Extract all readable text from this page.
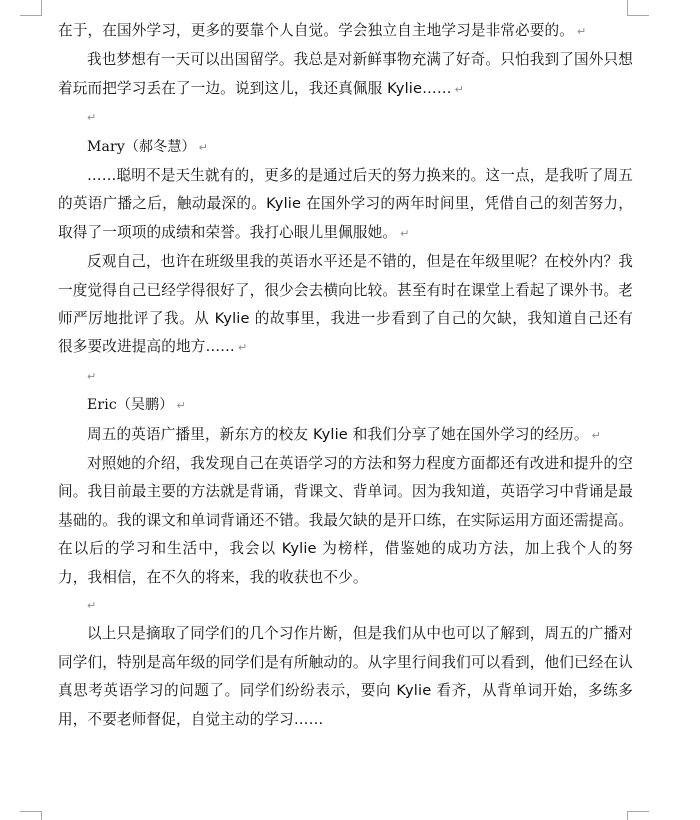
在于，在国外学习，更多的要靠个人自觉。学会独立自主地学习是非常必要的。 ↵

我也梦想有一天可以出国留学。我总是对新鲜事物充满了好奇。只怕我到了国外只想着玩而把学习丢在了一边。说到这儿，我还真佩服 Kylie…… ↵

↵

Mary（郝冬慧） ↵

……聪明不是天生就有的，更多的是通过后天的努力换来的。这一点，是我听了周五的英语广播之后，触动最深的。Kylie 在国外学习的两年时间里，凭借自己的刻苦努力，取得了一项项的成绩和荣誉。我打心眼儿里佩服她。 ↵

反观自己，也许在班级里我的英语水平还是不错的，但是在年级里呢？在校外内？我一度觉得自己已经学得很好了，很少会去横向比较。甚至有时在课堂上看起了课外书。老师严厉地批评了我。从 Kylie 的故事里，我进一步看到了自己的欠缺，我知道自己还有很多要改进提高的地方…… ↵

↵

Eric（吴鹏） ↵

周五的英语广播里，新东方的校友 Kylie 和我们分享了她在国外学习的经历。 ↵

对照她的介绍，我发现自己在英语学习的方法和努力程度方面都还有改进和提升的空间。我目前最主要的方法就是背诵，背课文、背单词。因为我知道，英语学习中背诵是最基础的。我的课文和单词背诵还不错。我最欠缺的是开口练，在实际运用方面还需提高。在以后的学习和生活中，我会以 Kylie 为榜样，借鉴她的成功方法，加上我个人的努力，我相信，在不久的将来，我的收获也不少。

↵

以上只是摘取了同学们的几个习作片断，但是我们从中也可以了解到，周五的广播对同学们，特别是高年级的同学们是有所触动的。从字里行间我们可以看到，他们已经在认真思考英语学习的问题了。同学们纷纷表示，要向 Kylie 看齐，从背单词开始，多练多用，不要老师督促，自觉主动的学习……
